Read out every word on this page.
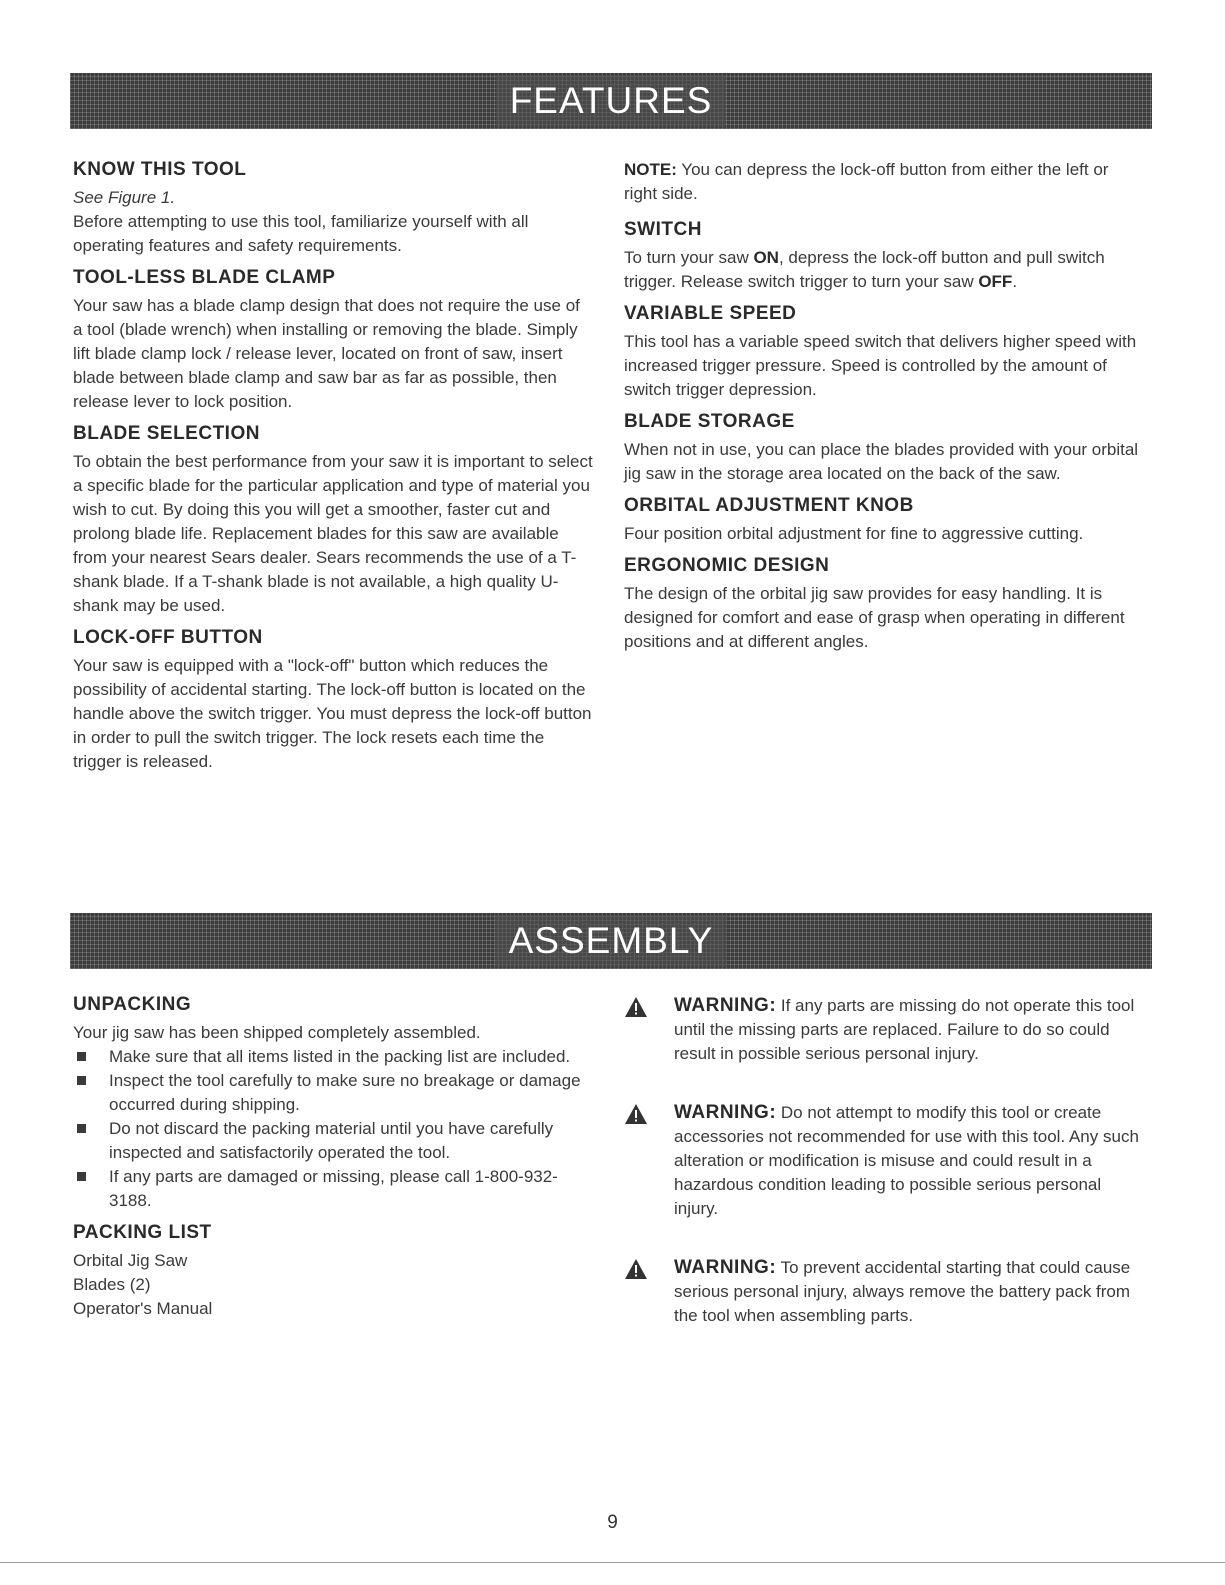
FEATURES
KNOW THIS TOOL

See Figure 1.

Before attempting to use this tool, familiarize yourself with all operating features and safety requirements.

TOOL-LESS BLADE CLAMP

Your saw has a blade clamp design that does not require the use of a tool (blade wrench) when installing or removing the blade. Simply lift blade clamp lock / release lever, located on front of saw, insert blade between blade clamp and saw bar as far as possible, then release lever to lock position.

BLADE SELECTION

To obtain the best performance from your saw it is important to select a specific blade for the particular application and type of material you wish to cut. By doing this you will get a smoother, faster cut and prolong blade life. Replacement blades for this saw are available from your nearest Sears dealer. Sears recommends the use of a T-shank blade. If a T-shank blade is not available, a high quality U-shank may be used.

LOCK-OFF BUTTON

Your saw is equipped with a "lock-off" button which reduces the possibility of accidental starting. The lock-off button is located on the handle above the switch trigger. You must depress the lock-off button in order to pull the switch trigger. The lock resets each time the trigger is released.

NOTE: You can depress the lock-off button from either the left or right side.

SWITCH

To turn your saw ON, depress the lock-off button and pull switch trigger. Release switch trigger to turn your saw OFF.

VARIABLE SPEED

This tool has a variable speed switch that delivers higher speed with increased trigger pressure. Speed is controlled by the amount of switch trigger depression.

BLADE STORAGE

When not in use, you can place the blades provided with your orbital jig saw in the storage area located on the back of the saw.

ORBITAL ADJUSTMENT KNOB

Four position orbital adjustment for fine to aggressive cutting.

ERGONOMIC DESIGN

The design of the orbital jig saw provides for easy handling. It is designed for comfort and ease of grasp when operating in different positions and at different angles.

ASSEMBLY
UNPACKING

Your jig saw has been shipped completely assembled.

Make sure that all items listed in the packing list are included.
Inspect the tool carefully to make sure no breakage or damage occurred during shipping.
Do not discard the packing material until you have carefully inspected and satisfactorily operated the tool.
If any parts are damaged or missing, please call 1-800-932-3188.
PACKING LIST

Orbital Jig Saw

Blades (2)

Operator's Manual

WARNING: If any parts are missing do not operate this tool until the missing parts are replaced. Failure to do so could result in possible serious personal injury.
WARNING: Do not attempt to modify this tool or create accessories not recommended for use with this tool. Any such alteration or modification is misuse and could result in a hazardous condition leading to possible serious personal injury.
WARNING: To prevent accidental starting that could cause serious personal injury, always remove the battery pack from the tool when assembling parts.
9
